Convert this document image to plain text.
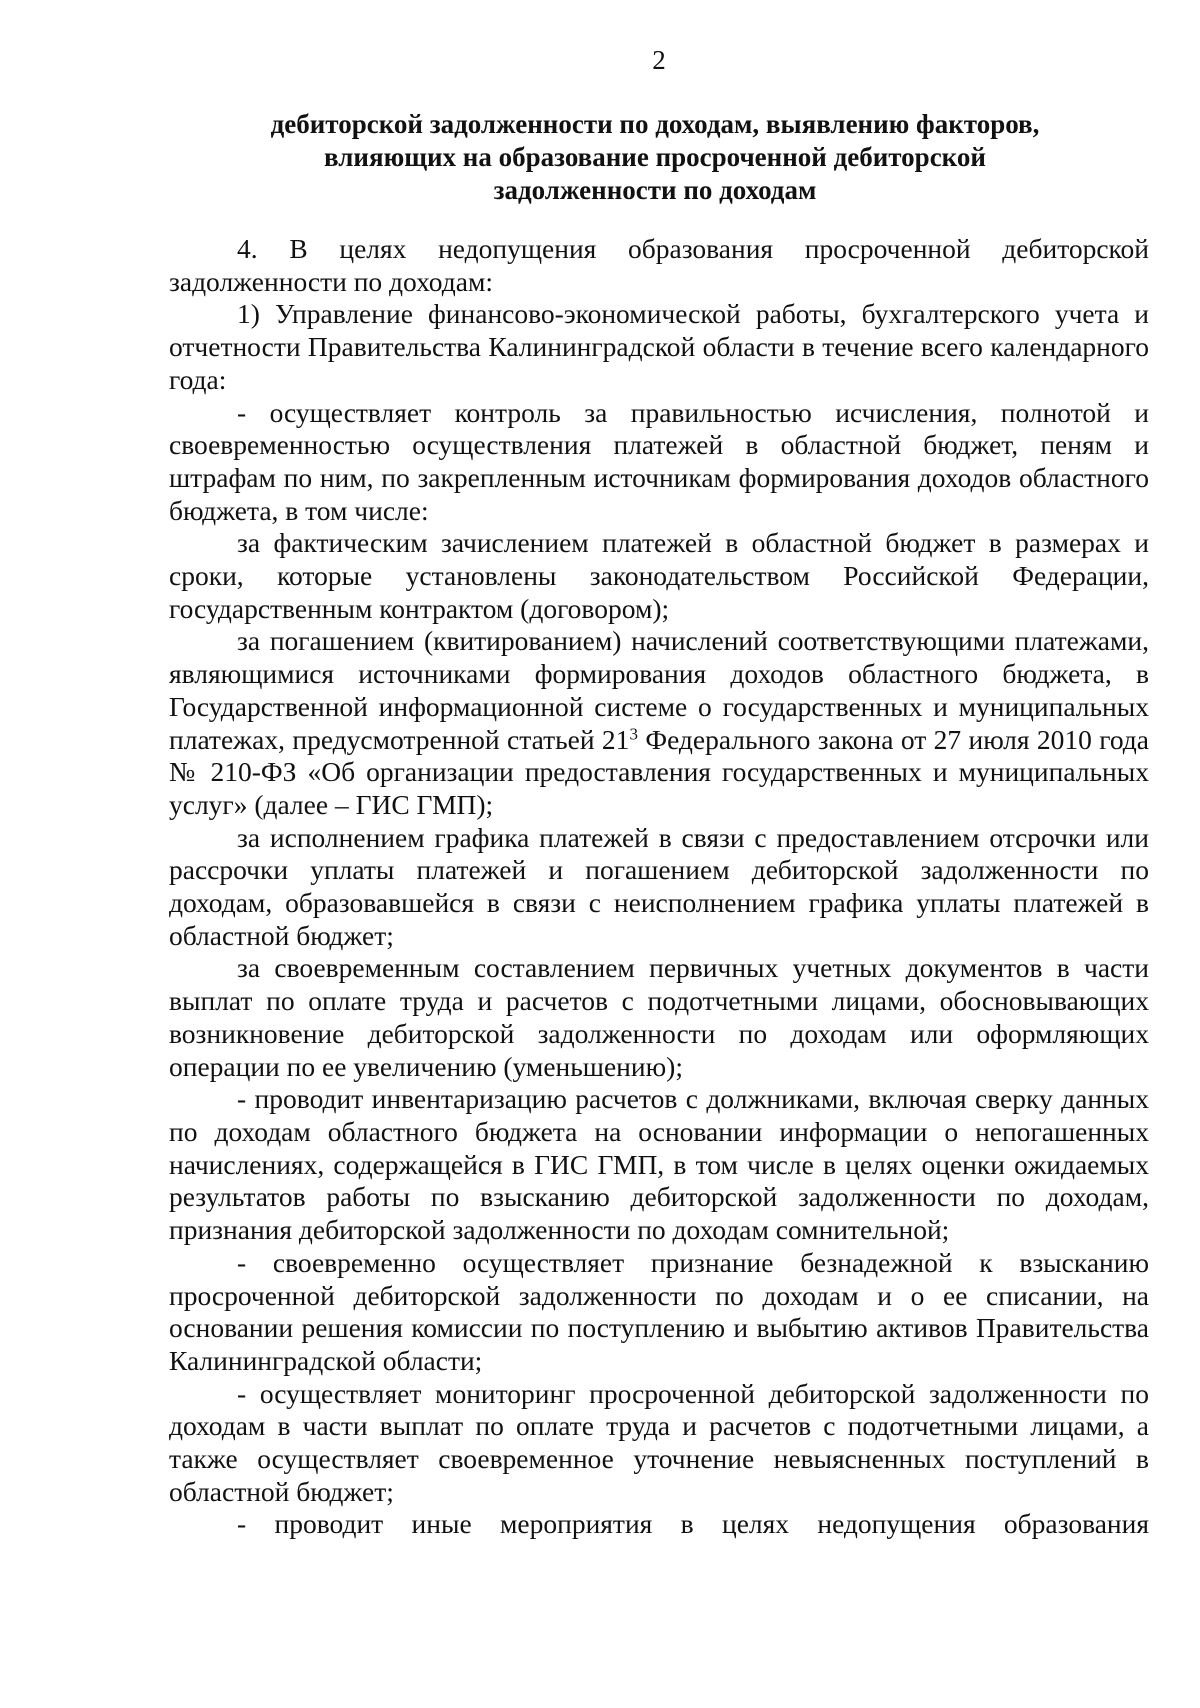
2
дебиторской задолженности по доходам, выявлению факторов,
влияющих на образование просроченной дебиторской
задолженности по доходам

4. В целях недопущения образования просроченной дебиторской задолженности по доходам:

1) Управление финансово-экономической работы, бухгалтерского учета и отчетности Правительства Калининградской области в течение всего календарного года:

- осуществляет контроль за правильностью исчисления, полнотой и своевременностью осуществления платежей в областной бюджет, пеням и штрафам по ним, по закрепленным источникам формирования доходов областного бюджета, в том числе:

за фактическим зачислением платежей в областной бюджет в размерах и сроки, которые установлены законодательством Российской Федерации, государственным контрактом (договором);

за погашением (квитированием) начислений соответствующими платежами, являющимися источниками формирования доходов областного бюджета, в Государственной информационной системе о государственных и муниципальных платежах, предусмотренной статьей $21^3$ Федерального закона от 27 июля 2010 года № 210-ФЗ «Об организации предоставления государственных и муниципальных услуг» (далее – ГИС ГМП);

за исполнением графика платежей в связи с предоставлением отсрочки или рассрочки уплаты платежей и погашением дебиторской задолженности по доходам, образовавшейся в связи с неисполнением графика уплаты платежей в областной бюджет;

за своевременным составлением первичных учетных документов в части выплат по оплате труда и расчетов с подотчетными лицами, обосновывающих возникновение дебиторской задолженности по доходам или оформляющих операции по ее увеличению (уменьшению);

- проводит инвентаризацию расчетов с должниками, включая сверку данных по доходам областного бюджета на основании информации о непогашенных начислениях, содержащейся в ГИС ГМП, в том числе в целях оценки ожидаемых результатов работы по взысканию дебиторской задолженности по доходам, признания дебиторской задолженности по доходам сомнительной;

- своевременно осуществляет признание безнадежной к взысканию просроченной дебиторской задолженности по доходам и о ее списании, на основании решения комиссии по поступлению и выбытию активов Правительства Калининградской области;

- осуществляет мониторинг просроченной дебиторской задолженности по доходам в части выплат по оплате труда и расчетов с подотчетными лицами, а также осуществляет своевременное уточнение невыясненных поступлений в областной бюджет;

- проводит иные мероприятия в целях недопущения образования
